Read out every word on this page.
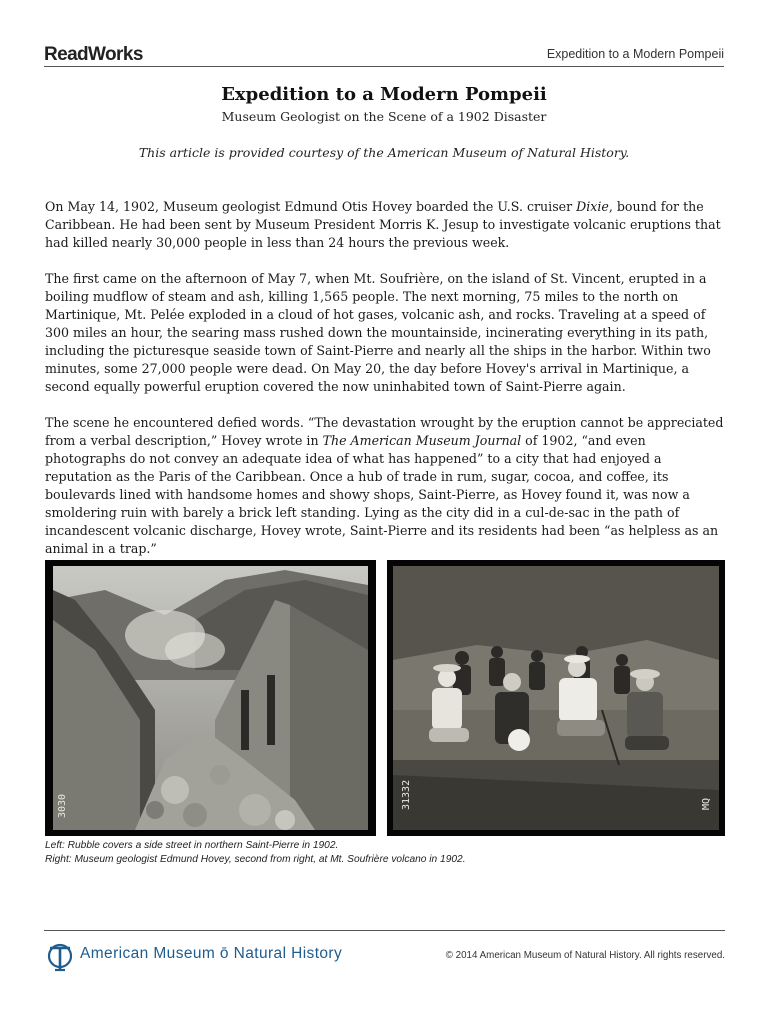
ReadWorks	Expedition to a Modern Pompeii
Expedition to a Modern Pompeii
Museum Geologist on the Scene of a 1902 Disaster
This article is provided courtesy of the American Museum of Natural History.

On May 14, 1902, Museum geologist Edmund Otis Hovey boarded the U.S. cruiser Dixie, bound for the Caribbean. He had been sent by Museum President Morris K. Jesup to investigate volcanic eruptions that had killed nearly 30,000 people in less than 24 hours the previous week.

The first came on the afternoon of May 7, when Mt. Soufrière, on the island of St. Vincent, erupted in a boiling mudflow of steam and ash, killing 1,565 people. The next morning, 75 miles to the north on Martinique, Mt. Pelée exploded in a cloud of hot gases, volcanic ash, and rocks. Traveling at a speed of 300 miles an hour, the searing mass rushed down the mountainside, incinerating everything in its path, including the picturesque seaside town of Saint-Pierre and nearly all the ships in the harbor. Within two minutes, some 27,000 people were dead. On May 20, the day before Hovey's arrival in Martinique, a second equally powerful eruption covered the now uninhabited town of Saint-Pierre again.

The scene he encountered defied words. “The devastation wrought by the eruption cannot be appreciated from a verbal description,” Hovey wrote in The American Museum Journal of 1902, “and even photographs do not convey an adequate idea of what has happened” to a city that had enjoyed a reputation as the Paris of the Caribbean. Once a hub of trade in rum, sugar, cocoa, and coffee, its boulevards lined with handsome homes and showy shops, Saint-Pierre, as Hovey found it, was now a smoldering ruin with barely a brick left standing. Lying as the city did in a cul-de-sac in the path of incandescent volcanic discharge, Hovey wrote, Saint-Pierre and its residents had been “as helpless as an animal in a trap.”

3030	31332	MQ
Left: Rubble covers a side street in northern Saint-Pierre in 1902.
Right: Museum geologist Edmund Hovey, second from right, at Mt. Soufrière volcano in 1902.
American Museum ō Natural History	© 2014 American Museum of Natural History. All rights reserved.
